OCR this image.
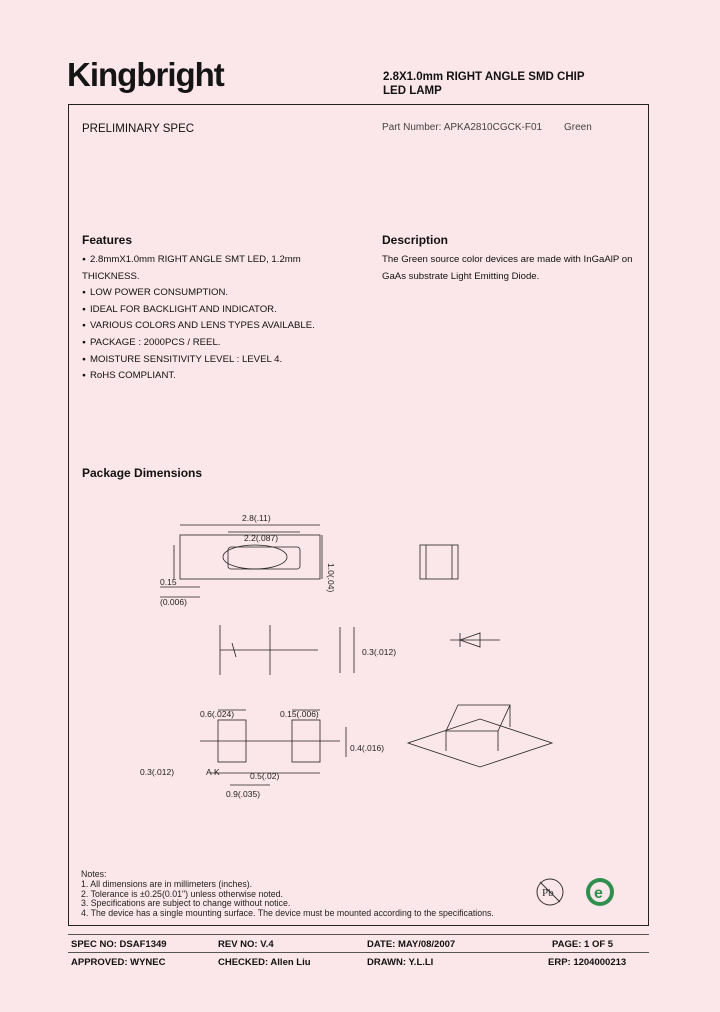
Kingbright	2.8X1.0mm RIGHT ANGLE SMD CHIP
LED LAMP
PRELIMINARY SPEC	Part Number: APKA2810CGCK-F01 Green
Features
● 2.8mmX1.0mm RIGHT ANGLE SMT LED, 1.2mm
THICKNESS.
● LOW POWER CONSUMPTION.
● IDEAL FOR BACKLIGHT AND INDICATOR.
● VARIOUS COLORS AND LENS TYPES AVAILABLE.
● PACKAGE : 2000PCS / REEL.
● MOISTURE SENSITIVITY LEVEL : LEVEL 4.
● RoHS COMPLIANT.
Description
The Green source color devices are made with InGaAlP on GaAs substrate Light Emitting Diode.
Package Dimensions
2.8(.11)
2.2(.087)
1.0(.04)
0.15
(0.006)
0.3(.012)
0.6(.024)	0.15(.006)
0.3(.012)	0.5(.02)
0.9(.035)
0.4(.016)
A K
Notes:
1. All dimensions are in millimeters (inches).
2. Tolerance is ±0.25(0.01") unless otherwise noted.
3. Specifications are subject to change without notice.
4. The device has a single mounting surface. The device must be mounted according to the specifications.
Pb	e
SPEC NO: DSAF1349	REV NO: V.4	DATE: MAY/08/2007	PAGE: 1 OF 5
APPROVED: WYNEC	CHECKED: Allen Liu	DRAWN: Y.L.LI	ERP: 1204000213
